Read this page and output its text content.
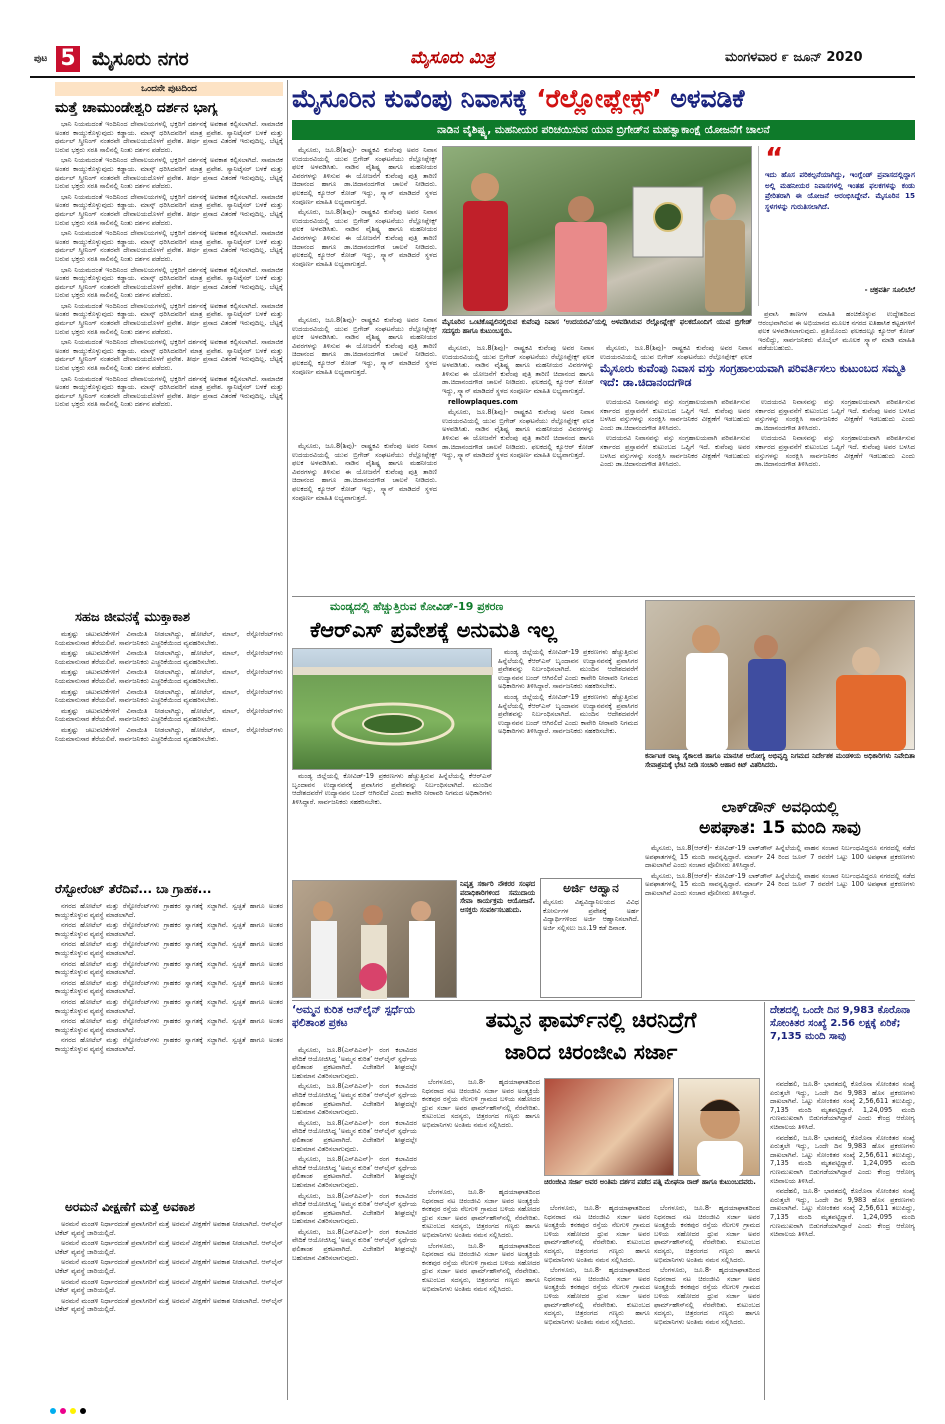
ಪುಟ 5 ಮೈಸೂರು ನಗರ	ಮೈಸೂರು ಮಿತ್ರ	ಮಂಗಳವಾರ ೯ ಜೂನ್ 2020
ಒಂದನೇ ಪುಟದಿಂದ
ಮತ್ತೆ ಚಾಮುಂಡೇಶ್ವರಿ ದರ್ಶನ ಭಾಗ್ಯ

ಭಾನಿ ನಿಯಮದಂತೆ ಇಂದಿನಿಂದ ದೇವಾಲಯಗಳಲ್ಲಿ ಭಕ್ತರಿಗೆ ದರ್ಶನಕ್ಕೆ ಅವಕಾಶ ಕಲ್ಪಿಸಲಾಗಿದೆ. ಸಾಮಾಜಿಕ ಅಂತರ ಕಾಯ್ದುಕೊಳ್ಳುವುದು ಕಡ್ಡಾಯ. ಮಾಸ್ಕ್ ಧರಿಸಿದವರಿಗೆ ಮಾತ್ರ ಪ್ರವೇಶ. ಸ್ಯಾನಿಟೈಸರ್ ಬಳಕೆ ಮತ್ತು ಥರ್ಮಲ್ ಸ್ಕ್ರೀನಿಂಗ್ ನಂತರವೇ ದೇವಾಲಯದೊಳಗೆ ಪ್ರವೇಶ. ತೀರ್ಥ ಪ್ರಸಾದ ವಿತರಣೆ ಇರುವುದಿಲ್ಲ. ಬೆಟ್ಟಕ್ಕೆ ಬರುವ ಭಕ್ತರು ಸರತಿ ಸಾಲಿನಲ್ಲಿ ನಿಂತು ದರ್ಶನ ಪಡೆದರು.

ಭಾನಿ ನಿಯಮದಂತೆ ಇಂದಿನಿಂದ ದೇವಾಲಯಗಳಲ್ಲಿ ಭಕ್ತರಿಗೆ ದರ್ಶನಕ್ಕೆ ಅವಕಾಶ ಕಲ್ಪಿಸಲಾಗಿದೆ. ಸಾಮಾಜಿಕ ಅಂತರ ಕಾಯ್ದುಕೊಳ್ಳುವುದು ಕಡ್ಡಾಯ. ಮಾಸ್ಕ್ ಧರಿಸಿದವರಿಗೆ ಮಾತ್ರ ಪ್ರವೇಶ. ಸ್ಯಾನಿಟೈಸರ್ ಬಳಕೆ ಮತ್ತು ಥರ್ಮಲ್ ಸ್ಕ್ರೀನಿಂಗ್ ನಂತರವೇ ದೇವಾಲಯದೊಳಗೆ ಪ್ರವೇಶ. ತೀರ್ಥ ಪ್ರಸಾದ ವಿತರಣೆ ಇರುವುದಿಲ್ಲ. ಬೆಟ್ಟಕ್ಕೆ ಬರುವ ಭಕ್ತರು ಸರತಿ ಸಾಲಿನಲ್ಲಿ ನಿಂತು ದರ್ಶನ ಪಡೆದರು.

ಭಾನಿ ನಿಯಮದಂತೆ ಇಂದಿನಿಂದ ದೇವಾಲಯಗಳಲ್ಲಿ ಭಕ್ತರಿಗೆ ದರ್ಶನಕ್ಕೆ ಅವಕಾಶ ಕಲ್ಪಿಸಲಾಗಿದೆ. ಸಾಮಾಜಿಕ ಅಂತರ ಕಾಯ್ದುಕೊಳ್ಳುವುದು ಕಡ್ಡಾಯ. ಮಾಸ್ಕ್ ಧರಿಸಿದವರಿಗೆ ಮಾತ್ರ ಪ್ರವೇಶ. ಸ್ಯಾನಿಟೈಸರ್ ಬಳಕೆ ಮತ್ತು ಥರ್ಮಲ್ ಸ್ಕ್ರೀನಿಂಗ್ ನಂತರವೇ ದೇವಾಲಯದೊಳಗೆ ಪ್ರವೇಶ. ತೀರ್ಥ ಪ್ರಸಾದ ವಿತರಣೆ ಇರುವುದಿಲ್ಲ. ಬೆಟ್ಟಕ್ಕೆ ಬರುವ ಭಕ್ತರು ಸರತಿ ಸಾಲಿನಲ್ಲಿ ನಿಂತು ದರ್ಶನ ಪಡೆದರು.

ಭಾನಿ ನಿಯಮದಂತೆ ಇಂದಿನಿಂದ ದೇವಾಲಯಗಳಲ್ಲಿ ಭಕ್ತರಿಗೆ ದರ್ಶನಕ್ಕೆ ಅವಕಾಶ ಕಲ್ಪಿಸಲಾಗಿದೆ. ಸಾಮಾಜಿಕ ಅಂತರ ಕಾಯ್ದುಕೊಳ್ಳುವುದು ಕಡ್ಡಾಯ. ಮಾಸ್ಕ್ ಧರಿಸಿದವರಿಗೆ ಮಾತ್ರ ಪ್ರವೇಶ. ಸ್ಯಾನಿಟೈಸರ್ ಬಳಕೆ ಮತ್ತು ಥರ್ಮಲ್ ಸ್ಕ್ರೀನಿಂಗ್ ನಂತರವೇ ದೇವಾಲಯದೊಳಗೆ ಪ್ರವೇಶ. ತೀರ್ಥ ಪ್ರಸಾದ ವಿತರಣೆ ಇರುವುದಿಲ್ಲ. ಬೆಟ್ಟಕ್ಕೆ ಬರುವ ಭಕ್ತರು ಸರತಿ ಸಾಲಿನಲ್ಲಿ ನಿಂತು ದರ್ಶನ ಪಡೆದರು.

ಭಾನಿ ನಿಯಮದಂತೆ ಇಂದಿನಿಂದ ದೇವಾಲಯಗಳಲ್ಲಿ ಭಕ್ತರಿಗೆ ದರ್ಶನಕ್ಕೆ ಅವಕಾಶ ಕಲ್ಪಿಸಲಾಗಿದೆ. ಸಾಮಾಜಿಕ ಅಂತರ ಕಾಯ್ದುಕೊಳ್ಳುವುದು ಕಡ್ಡಾಯ. ಮಾಸ್ಕ್ ಧರಿಸಿದವರಿಗೆ ಮಾತ್ರ ಪ್ರವೇಶ. ಸ್ಯಾನಿಟೈಸರ್ ಬಳಕೆ ಮತ್ತು ಥರ್ಮಲ್ ಸ್ಕ್ರೀನಿಂಗ್ ನಂತರವೇ ದೇವಾಲಯದೊಳಗೆ ಪ್ರವೇಶ. ತೀರ್ಥ ಪ್ರಸಾದ ವಿತರಣೆ ಇರುವುದಿಲ್ಲ. ಬೆಟ್ಟಕ್ಕೆ ಬರುವ ಭಕ್ತರು ಸರತಿ ಸಾಲಿನಲ್ಲಿ ನಿಂತು ದರ್ಶನ ಪಡೆದರು.

ಭಾನಿ ನಿಯಮದಂತೆ ಇಂದಿನಿಂದ ದೇವಾಲಯಗಳಲ್ಲಿ ಭಕ್ತರಿಗೆ ದರ್ಶನಕ್ಕೆ ಅವಕಾಶ ಕಲ್ಪಿಸಲಾಗಿದೆ. ಸಾಮಾಜಿಕ ಅಂತರ ಕಾಯ್ದುಕೊಳ್ಳುವುದು ಕಡ್ಡಾಯ. ಮಾಸ್ಕ್ ಧರಿಸಿದವರಿಗೆ ಮಾತ್ರ ಪ್ರವೇಶ. ಸ್ಯಾನಿಟೈಸರ್ ಬಳಕೆ ಮತ್ತು ಥರ್ಮಲ್ ಸ್ಕ್ರೀನಿಂಗ್ ನಂತರವೇ ದೇವಾಲಯದೊಳಗೆ ಪ್ರವೇಶ. ತೀರ್ಥ ಪ್ರಸಾದ ವಿತರಣೆ ಇರುವುದಿಲ್ಲ. ಬೆಟ್ಟಕ್ಕೆ ಬರುವ ಭಕ್ತರು ಸರತಿ ಸಾಲಿನಲ್ಲಿ ನಿಂತು ದರ್ಶನ ಪಡೆದರು.

ಭಾನಿ ನಿಯಮದಂತೆ ಇಂದಿನಿಂದ ದೇವಾಲಯಗಳಲ್ಲಿ ಭಕ್ತರಿಗೆ ದರ್ಶನಕ್ಕೆ ಅವಕಾಶ ಕಲ್ಪಿಸಲಾಗಿದೆ. ಸಾಮಾಜಿಕ ಅಂತರ ಕಾಯ್ದುಕೊಳ್ಳುವುದು ಕಡ್ಡಾಯ. ಮಾಸ್ಕ್ ಧರಿಸಿದವರಿಗೆ ಮಾತ್ರ ಪ್ರವೇಶ. ಸ್ಯಾನಿಟೈಸರ್ ಬಳಕೆ ಮತ್ತು ಥರ್ಮಲ್ ಸ್ಕ್ರೀನಿಂಗ್ ನಂತರವೇ ದೇವಾಲಯದೊಳಗೆ ಪ್ರವೇಶ. ತೀರ್ಥ ಪ್ರಸಾದ ವಿತರಣೆ ಇರುವುದಿಲ್ಲ. ಬೆಟ್ಟಕ್ಕೆ ಬರುವ ಭಕ್ತರು ಸರತಿ ಸಾಲಿನಲ್ಲಿ ನಿಂತು ದರ್ಶನ ಪಡೆದರು.

ಭಾನಿ ನಿಯಮದಂತೆ ಇಂದಿನಿಂದ ದೇವಾಲಯಗಳಲ್ಲಿ ಭಕ್ತರಿಗೆ ದರ್ಶನಕ್ಕೆ ಅವಕಾಶ ಕಲ್ಪಿಸಲಾಗಿದೆ. ಸಾಮಾಜಿಕ ಅಂತರ ಕಾಯ್ದುಕೊಳ್ಳುವುದು ಕಡ್ಡಾಯ. ಮಾಸ್ಕ್ ಧರಿಸಿದವರಿಗೆ ಮಾತ್ರ ಪ್ರವೇಶ. ಸ್ಯಾನಿಟೈಸರ್ ಬಳಕೆ ಮತ್ತು ಥರ್ಮಲ್ ಸ್ಕ್ರೀನಿಂಗ್ ನಂತರವೇ ದೇವಾಲಯದೊಳಗೆ ಪ್ರವೇಶ. ತೀರ್ಥ ಪ್ರಸಾದ ವಿತರಣೆ ಇರುವುದಿಲ್ಲ. ಬೆಟ್ಟಕ್ಕೆ ಬರುವ ಭಕ್ತರು ಸರತಿ ಸಾಲಿನಲ್ಲಿ ನಿಂತು ದರ್ಶನ ಪಡೆದರು.

ಸಹಜ ಜೀವನಕ್ಕೆ ಮುಕ್ತಾಕಾಶ

ಮತ್ತಷ್ಟು ಚಟುವಟಿಕೆಗಳಿಗೆ ವಿನಾಯಿತಿ ನೀಡಲಾಗಿದ್ದು, ಹೋಟೆಲ್, ಮಾಲ್, ರೆಸ್ಟೋರೆಂಟ್‌ಗಳು ನಿಯಮಾನುಸಾರ ತೆರೆಯಲಿವೆ. ಸಾರ್ವಜನಿಕರು ಎಚ್ಚರಿಕೆಯಿಂದ ವ್ಯವಹರಿಸಬೇಕು.

ಮತ್ತಷ್ಟು ಚಟುವಟಿಕೆಗಳಿಗೆ ವಿನಾಯಿತಿ ನೀಡಲಾಗಿದ್ದು, ಹೋಟೆಲ್, ಮಾಲ್, ರೆಸ್ಟೋರೆಂಟ್‌ಗಳು ನಿಯಮಾನುಸಾರ ತೆರೆಯಲಿವೆ. ಸಾರ್ವಜನಿಕರು ಎಚ್ಚರಿಕೆಯಿಂದ ವ್ಯವಹರಿಸಬೇಕು.

ಮತ್ತಷ್ಟು ಚಟುವಟಿಕೆಗಳಿಗೆ ವಿನಾಯಿತಿ ನೀಡಲಾಗಿದ್ದು, ಹೋಟೆಲ್, ಮಾಲ್, ರೆಸ್ಟೋರೆಂಟ್‌ಗಳು ನಿಯಮಾನುಸಾರ ತೆರೆಯಲಿವೆ. ಸಾರ್ವಜನಿಕರು ಎಚ್ಚರಿಕೆಯಿಂದ ವ್ಯವಹರಿಸಬೇಕು.

ಮತ್ತಷ್ಟು ಚಟುವಟಿಕೆಗಳಿಗೆ ವಿನಾಯಿತಿ ನೀಡಲಾಗಿದ್ದು, ಹೋಟೆಲ್, ಮಾಲ್, ರೆಸ್ಟೋರೆಂಟ್‌ಗಳು ನಿಯಮಾನುಸಾರ ತೆರೆಯಲಿವೆ. ಸಾರ್ವಜನಿಕರು ಎಚ್ಚರಿಕೆಯಿಂದ ವ್ಯವಹರಿಸಬೇಕು.

ಮತ್ತಷ್ಟು ಚಟುವಟಿಕೆಗಳಿಗೆ ವಿನಾಯಿತಿ ನೀಡಲಾಗಿದ್ದು, ಹೋಟೆಲ್, ಮಾಲ್, ರೆಸ್ಟೋರೆಂಟ್‌ಗಳು ನಿಯಮಾನುಸಾರ ತೆರೆಯಲಿವೆ. ಸಾರ್ವಜನಿಕರು ಎಚ್ಚರಿಕೆಯಿಂದ ವ್ಯವಹರಿಸಬೇಕು.

ಮತ್ತಷ್ಟು ಚಟುವಟಿಕೆಗಳಿಗೆ ವಿನಾಯಿತಿ ನೀಡಲಾಗಿದ್ದು, ಹೋಟೆಲ್, ಮಾಲ್, ರೆಸ್ಟೋರೆಂಟ್‌ಗಳು ನಿಯಮಾನುಸಾರ ತೆರೆಯಲಿವೆ. ಸಾರ್ವಜನಿಕರು ಎಚ್ಚರಿಕೆಯಿಂದ ವ್ಯವಹರಿಸಬೇಕು.

ರೆಸ್ಟೋರೆಂಟ್ ತೆರೆದಿವೆ... ಬಾ ಗ್ರಾಹಕ...

ನಗರದ ಹೋಟೆಲ್ ಮತ್ತು ರೆಸ್ಟೋರೆಂಟ್‌ಗಳು ಗ್ರಾಹಕರ ಸ್ವಾಗತಕ್ಕೆ ಸಜ್ಜಾಗಿವೆ. ಸ್ವಚ್ಛತೆ ಹಾಗೂ ಅಂತರ ಕಾಯ್ದುಕೊಳ್ಳುವ ವ್ಯವಸ್ಥೆ ಮಾಡಲಾಗಿದೆ.

ನಗರದ ಹೋಟೆಲ್ ಮತ್ತು ರೆಸ್ಟೋರೆಂಟ್‌ಗಳು ಗ್ರಾಹಕರ ಸ್ವಾಗತಕ್ಕೆ ಸಜ್ಜಾಗಿವೆ. ಸ್ವಚ್ಛತೆ ಹಾಗೂ ಅಂತರ ಕಾಯ್ದುಕೊಳ್ಳುವ ವ್ಯವಸ್ಥೆ ಮಾಡಲಾಗಿದೆ.

ನಗರದ ಹೋಟೆಲ್ ಮತ್ತು ರೆಸ್ಟೋರೆಂಟ್‌ಗಳು ಗ್ರಾಹಕರ ಸ್ವಾಗತಕ್ಕೆ ಸಜ್ಜಾಗಿವೆ. ಸ್ವಚ್ಛತೆ ಹಾಗೂ ಅಂತರ ಕಾಯ್ದುಕೊಳ್ಳುವ ವ್ಯವಸ್ಥೆ ಮಾಡಲಾಗಿದೆ.

ನಗರದ ಹೋಟೆಲ್ ಮತ್ತು ರೆಸ್ಟೋರೆಂಟ್‌ಗಳು ಗ್ರಾಹಕರ ಸ್ವಾಗತಕ್ಕೆ ಸಜ್ಜಾಗಿವೆ. ಸ್ವಚ್ಛತೆ ಹಾಗೂ ಅಂತರ ಕಾಯ್ದುಕೊಳ್ಳುವ ವ್ಯವಸ್ಥೆ ಮಾಡಲಾಗಿದೆ.

ನಗರದ ಹೋಟೆಲ್ ಮತ್ತು ರೆಸ್ಟೋರೆಂಟ್‌ಗಳು ಗ್ರಾಹಕರ ಸ್ವಾಗತಕ್ಕೆ ಸಜ್ಜಾಗಿವೆ. ಸ್ವಚ್ಛತೆ ಹಾಗೂ ಅಂತರ ಕಾಯ್ದುಕೊಳ್ಳುವ ವ್ಯವಸ್ಥೆ ಮಾಡಲಾಗಿದೆ.

ನಗರದ ಹೋಟೆಲ್ ಮತ್ತು ರೆಸ್ಟೋರೆಂಟ್‌ಗಳು ಗ್ರಾಹಕರ ಸ್ವಾಗತಕ್ಕೆ ಸಜ್ಜಾಗಿವೆ. ಸ್ವಚ್ಛತೆ ಹಾಗೂ ಅಂತರ ಕಾಯ್ದುಕೊಳ್ಳುವ ವ್ಯವಸ್ಥೆ ಮಾಡಲಾಗಿದೆ.

ನಗರದ ಹೋಟೆಲ್ ಮತ್ತು ರೆಸ್ಟೋರೆಂಟ್‌ಗಳು ಗ್ರಾಹಕರ ಸ್ವಾಗತಕ್ಕೆ ಸಜ್ಜಾಗಿವೆ. ಸ್ವಚ್ಛತೆ ಹಾಗೂ ಅಂತರ ಕಾಯ್ದುಕೊಳ್ಳುವ ವ್ಯವಸ್ಥೆ ಮಾಡಲಾಗಿದೆ.

ನಗರದ ಹೋಟೆಲ್ ಮತ್ತು ರೆಸ್ಟೋರೆಂಟ್‌ಗಳು ಗ್ರಾಹಕರ ಸ್ವಾಗತಕ್ಕೆ ಸಜ್ಜಾಗಿವೆ. ಸ್ವಚ್ಛತೆ ಹಾಗೂ ಅಂತರ ಕಾಯ್ದುಕೊಳ್ಳುವ ವ್ಯವಸ್ಥೆ ಮಾಡಲಾಗಿದೆ.

ಅರಮನೆ ವೀಕ್ಷಣೆಗೆ ಮತ್ತೆ ಅವಕಾಶ

ಅರಮನೆ ಮಂಡಳಿ ನಿರ್ಧಾರದಂತೆ ಪ್ರವಾಸಿಗರಿಗೆ ಮತ್ತೆ ಅರಮನೆ ವೀಕ್ಷಣೆಗೆ ಅವಕಾಶ ನೀಡಲಾಗಿದೆ. ಆನ್‌ಲೈನ್ ಟಿಕೆಟ್ ವ್ಯವಸ್ಥೆ ಜಾರಿಯಲ್ಲಿದೆ.

ಅರಮನೆ ಮಂಡಳಿ ನಿರ್ಧಾರದಂತೆ ಪ್ರವಾಸಿಗರಿಗೆ ಮತ್ತೆ ಅರಮನೆ ವೀಕ್ಷಣೆಗೆ ಅವಕಾಶ ನೀಡಲಾಗಿದೆ. ಆನ್‌ಲೈನ್ ಟಿಕೆಟ್ ವ್ಯವಸ್ಥೆ ಜಾರಿಯಲ್ಲಿದೆ.

ಅರಮನೆ ಮಂಡಳಿ ನಿರ್ಧಾರದಂತೆ ಪ್ರವಾಸಿಗರಿಗೆ ಮತ್ತೆ ಅರಮನೆ ವೀಕ್ಷಣೆಗೆ ಅವಕಾಶ ನೀಡಲಾಗಿದೆ. ಆನ್‌ಲೈನ್ ಟಿಕೆಟ್ ವ್ಯವಸ್ಥೆ ಜಾರಿಯಲ್ಲಿದೆ.

ಅರಮನೆ ಮಂಡಳಿ ನಿರ್ಧಾರದಂತೆ ಪ್ರವಾಸಿಗರಿಗೆ ಮತ್ತೆ ಅರಮನೆ ವೀಕ್ಷಣೆಗೆ ಅವಕಾಶ ನೀಡಲಾಗಿದೆ. ಆನ್‌ಲೈನ್ ಟಿಕೆಟ್ ವ್ಯವಸ್ಥೆ ಜಾರಿಯಲ್ಲಿದೆ.

ಅರಮನೆ ಮಂಡಳಿ ನಿರ್ಧಾರದಂತೆ ಪ್ರವಾಸಿಗರಿಗೆ ಮತ್ತೆ ಅರಮನೆ ವೀಕ್ಷಣೆಗೆ ಅವಕಾಶ ನೀಡಲಾಗಿದೆ. ಆನ್‌ಲೈನ್ ಟಿಕೆಟ್ ವ್ಯವಸ್ಥೆ ಜಾರಿಯಲ್ಲಿದೆ.

ಮೈಸೂರಿನ ಕುವೆಂಪು ನಿವಾಸಕ್ಕೆ ‘ರೆಲ್ಲೋಪ್ಲೇಕ್ಸ್’ ಅಳವಡಿಕೆ
ನಾಡಿನ ವೈಶಿಷ್ಟ್ಯ, ಮಹನೀಯರ ಪರಿಚಯಿಸುವ ಯುವ ಬ್ರಿಗೇಡ್‌ನ ಮಹತ್ವಾಕಾಂಕ್ಷೆ ಯೋಜನೆಗೆ ಚಾಲನೆ

ಮೈಸೂರು, ಜೂ.8(ಶಿವು)- ರಾಷ್ಟ್ರಕವಿ ಕುವೆಂಪು ಅವರ ನಿವಾಸ ಉದಯರವಿಯಲ್ಲಿ ಯುವ ಬ್ರಿಗೇಡ್ ಸಂಘಟನೆಯು ರೆಲ್ಲೋಪ್ಲೇಕ್ಸ್ ಫಲಕ ಅಳವಡಿಸಿತು. ನಾಡಿನ ವೈಶಿಷ್ಟ್ಯ ಹಾಗೂ ಮಹನೀಯರ ವಿವರಗಳನ್ನು ತಿಳಿಸುವ ಈ ಯೋಜನೆಗೆ ಕುವೆಂಪು ಪುತ್ರಿ ತಾರಿಣಿ ಚಿದಾನಂದ ಹಾಗೂ ಡಾ.ಚಿದಾನಂದಗೌಡ ಚಾಲನೆ ನೀಡಿದರು. ಫಲಕದಲ್ಲಿ ಕ್ಯೂಆರ್ ಕೋಡ್ ಇದ್ದು, ಸ್ಕ್ಯಾನ್ ಮಾಡಿದರೆ ಸ್ಥಳದ ಸಂಪೂರ್ಣ ಮಾಹಿತಿ ಲಭ್ಯವಾಗುತ್ತದೆ.

ಮೈಸೂರು, ಜೂ.8(ಶಿವು)- ರಾಷ್ಟ್ರಕವಿ ಕುವೆಂಪು ಅವರ ನಿವಾಸ ಉದಯರವಿಯಲ್ಲಿ ಯುವ ಬ್ರಿಗೇಡ್ ಸಂಘಟನೆಯು ರೆಲ್ಲೋಪ್ಲೇಕ್ಸ್ ಫಲಕ ಅಳವಡಿಸಿತು. ನಾಡಿನ ವೈಶಿಷ್ಟ್ಯ ಹಾಗೂ ಮಹನೀಯರ ವಿವರಗಳನ್ನು ತಿಳಿಸುವ ಈ ಯೋಜನೆಗೆ ಕುವೆಂಪು ಪುತ್ರಿ ತಾರಿಣಿ ಚಿದಾನಂದ ಹಾಗೂ ಡಾ.ಚಿದಾನಂದಗೌಡ ಚಾಲನೆ ನೀಡಿದರು. ಫಲಕದಲ್ಲಿ ಕ್ಯೂಆರ್ ಕೋಡ್ ಇದ್ದು, ಸ್ಕ್ಯಾನ್ ಮಾಡಿದರೆ ಸ್ಥಳದ ಸಂಪೂರ್ಣ ಮಾಹಿತಿ ಲಭ್ಯವಾಗುತ್ತದೆ.

“
ಇದು ಹೊಸ ಪರಿಕಲ್ಪನೆಯಾಗಿದ್ದು, ಇಂಗ್ಲೆಂಡ್ ಪ್ರವಾಸದಲ್ಲಿದ್ದಾಗ ಅಲ್ಲಿ ಮಹನೀಯರ ನಿವಾಸಗಳಲ್ಲಿ ಇಂತಹ ಫಲಕಗಳನ್ನು ಕಂಡು ಪ್ರೇರಿತರಾಗಿ ಈ ಯೋಜನೆ ಆರಂಭಿಸಿದ್ದೇವೆ. ಮೈಸೂರಿನ 15 ಸ್ಥಳಗಳನ್ನು ಗುರುತಿಸಲಾಗಿದೆ.
- ಚಕ್ರವರ್ತಿ ಸೂಲಿಬೆಲೆ
ಮೈಸೂರಿನ ಒಂಟಿಕೊಪ್ಪಲಿನಲ್ಲಿರುವ ಕುವೆಂಪು ನಿವಾಸ ‘ಉದಯರವಿ’ಯಲ್ಲಿ ಅಳವಡಿಸಿರುವ ರೆಲ್ಲೋಪ್ಲೇಕ್ಸ್ ಫಲಕದೊಂದಿಗೆ ಯುವ ಬ್ರಿಗೇಡ್ ಸದಸ್ಯರು ಹಾಗೂ ಕುಟುಂಬಸ್ಥರು.

ಮೈಸೂರು, ಜೂ.8(ಶಿವು)- ರಾಷ್ಟ್ರಕವಿ ಕುವೆಂಪು ಅವರ ನಿವಾಸ ಉದಯರವಿಯಲ್ಲಿ ಯುವ ಬ್ರಿಗೇಡ್ ಸಂಘಟನೆಯು ರೆಲ್ಲೋಪ್ಲೇಕ್ಸ್ ಫಲಕ ಅಳವಡಿಸಿತು. ನಾಡಿನ ವೈಶಿಷ್ಟ್ಯ ಹಾಗೂ ಮಹನೀಯರ ವಿವರಗಳನ್ನು ತಿಳಿಸುವ ಈ ಯೋಜನೆಗೆ ಕುವೆಂಪು ಪುತ್ರಿ ತಾರಿಣಿ ಚಿದಾನಂದ ಹಾಗೂ ಡಾ.ಚಿದಾನಂದಗೌಡ ಚಾಲನೆ ನೀಡಿದರು. ಫಲಕದಲ್ಲಿ ಕ್ಯೂಆರ್ ಕೋಡ್ ಇದ್ದು, ಸ್ಕ್ಯಾನ್ ಮಾಡಿದರೆ ಸ್ಥಳದ ಸಂಪೂರ್ಣ ಮಾಹಿತಿ ಲಭ್ಯವಾಗುತ್ತದೆ.

ಮೈಸೂರು, ಜೂ.8(ಶಿವು)- ರಾಷ್ಟ್ರಕವಿ ಕುವೆಂಪು ಅವರ ನಿವಾಸ ಉದಯರವಿಯಲ್ಲಿ ಯುವ ಬ್ರಿಗೇಡ್ ಸಂಘಟನೆಯು ರೆಲ್ಲೋಪ್ಲೇಕ್ಸ್ ಫಲಕ ಅಳವಡಿಸಿತು. ನಾಡಿನ ವೈಶಿಷ್ಟ್ಯ ಹಾಗೂ ಮಹನೀಯರ ವಿವರಗಳನ್ನು ತಿಳಿಸುವ ಈ ಯೋಜನೆಗೆ ಕುವೆಂಪು ಪುತ್ರಿ ತಾರಿಣಿ ಚಿದಾನಂದ ಹಾಗೂ ಡಾ.ಚಿದಾನಂದಗೌಡ ಚಾಲನೆ ನೀಡಿದರು. ಫಲಕದಲ್ಲಿ ಕ್ಯೂಆರ್ ಕೋಡ್ ಇದ್ದು, ಸ್ಕ್ಯಾನ್ ಮಾಡಿದರೆ ಸ್ಥಳದ ಸಂಪೂರ್ಣ ಮಾಹಿತಿ ಲಭ್ಯವಾಗುತ್ತದೆ.

rellowplaques.com

ಮೈಸೂರು, ಜೂ.8(ಶಿವು)- ರಾಷ್ಟ್ರಕವಿ ಕುವೆಂಪು ಅವರ ನಿವಾಸ ಉದಯರವಿಯಲ್ಲಿ ಯುವ ಬ್ರಿಗೇಡ್ ಸಂಘಟನೆಯು ರೆಲ್ಲೋಪ್ಲೇಕ್ಸ್ ಫಲಕ ಅಳವಡಿಸಿತು. ನಾಡಿನ ವೈಶಿಷ್ಟ್ಯ ಹಾಗೂ ಮಹನೀಯರ ವಿವರಗಳನ್ನು ತಿಳಿಸುವ ಈ ಯೋಜನೆಗೆ ಕುವೆಂಪು ಪುತ್ರಿ ತಾರಿಣಿ ಚಿದಾನಂದ ಹಾಗೂ ಡಾ.ಚಿದಾನಂದಗೌಡ ಚಾಲನೆ ನೀಡಿದರು. ಫಲಕದಲ್ಲಿ ಕ್ಯೂಆರ್ ಕೋಡ್ ಇದ್ದು, ಸ್ಕ್ಯಾನ್ ಮಾಡಿದರೆ ಸ್ಥಳದ ಸಂಪೂರ್ಣ ಮಾಹಿತಿ ಲಭ್ಯವಾಗುತ್ತದೆ.

ಮೈಸೂರು, ಜೂ.8(ಶಿವು)- ರಾಷ್ಟ್ರಕವಿ ಕುವೆಂಪು ಅವರ ನಿವಾಸ ಉದಯರವಿಯಲ್ಲಿ ಯುವ ಬ್ರಿಗೇಡ್ ಸಂಘಟನೆಯು ರೆಲ್ಲೋಪ್ಲೇಕ್ಸ್ ಫಲಕ

ಮೈಸೂರು ಕುವೆಂಪು ನಿವಾಸ ವಸ್ತು ಸಂಗ್ರಹಾಲಯವಾಗಿ ಪರಿವರ್ತಿಸಲು ಕುಟುಂಬದ ಸಮ್ಮತಿ ಇದೆ: ಡಾ.ಚಿದಾನಂದಗೌಡ

ಉದಯರವಿ ನಿವಾಸವನ್ನು ವಸ್ತು ಸಂಗ್ರಹಾಲಯವಾಗಿ ಪರಿವರ್ತಿಸುವ ಸರ್ಕಾರದ ಪ್ರಸ್ತಾವನೆಗೆ ಕುಟುಂಬದ ಒಪ್ಪಿಗೆ ಇದೆ. ಕುವೆಂಪು ಅವರ ಬಳಸಿದ ವಸ್ತುಗಳನ್ನು ಸಂರಕ್ಷಿಸಿ ಸಾರ್ವಜನಿಕರ ವೀಕ್ಷಣೆಗೆ ಇಡಬಹುದು ಎಂದು ಡಾ.ಚಿದಾನಂದಗೌಡ ತಿಳಿಸಿದರು.

ಉದಯರವಿ ನಿವಾಸವನ್ನು ವಸ್ತು ಸಂಗ್ರಹಾಲಯವಾಗಿ ಪರಿವರ್ತಿಸುವ ಸರ್ಕಾರದ ಪ್ರಸ್ತಾವನೆಗೆ ಕುಟುಂಬದ ಒಪ್ಪಿಗೆ ಇದೆ. ಕುವೆಂಪು ಅವರ ಬಳಸಿದ ವಸ್ತುಗಳನ್ನು ಸಂರಕ್ಷಿಸಿ ಸಾರ್ವಜನಿಕರ ವೀಕ್ಷಣೆಗೆ ಇಡಬಹುದು ಎಂದು ಡಾ.ಚಿದಾನಂದಗೌಡ ತಿಳಿಸಿದರು.

ಉದಯರವಿ ನಿವಾಸವನ್ನು ವಸ್ತು ಸಂಗ್ರಹಾಲಯವಾಗಿ ಪರಿವರ್ತಿಸುವ ಸರ್ಕಾರದ ಪ್ರಸ್ತಾವನೆಗೆ ಕುಟುಂಬದ ಒಪ್ಪಿಗೆ ಇದೆ. ಕುವೆಂಪು ಅವರ ಬಳಸಿದ ವಸ್ತುಗಳನ್ನು ಸಂರಕ್ಷಿಸಿ ಸಾರ್ವಜನಿಕರ ವೀಕ್ಷಣೆಗೆ ಇಡಬಹುದು ಎಂದು ಡಾ.ಚಿದಾನಂದಗೌಡ ತಿಳಿಸಿದರು.

ಉದಯರವಿ ನಿವಾಸವನ್ನು ವಸ್ತು ಸಂಗ್ರಹಾಲಯವಾಗಿ ಪರಿವರ್ತಿಸುವ ಸರ್ಕಾರದ ಪ್ರಸ್ತಾವನೆಗೆ ಕುಟುಂಬದ ಒಪ್ಪಿಗೆ ಇದೆ. ಕುವೆಂಪು ಅವರ ಬಳಸಿದ ವಸ್ತುಗಳನ್ನು ಸಂರಕ್ಷಿಸಿ ಸಾರ್ವಜನಿಕರ ವೀಕ್ಷಣೆಗೆ ಇಡಬಹುದು ಎಂದು ಡಾ.ಚಿದಾನಂದಗೌಡ ತಿಳಿಸಿದರು.

ಪ್ರವಾಸಿ ತಾಣಗಳ ಮಾಹಿತಿ ಹಂಚಿಕೊಳ್ಳುವ ಉದ್ದೇಶದಿಂದ ಆರಂಭವಾಗಿರುವ ಈ ಅಭಿಯಾನದ ಮೂಲಕ ನಗರದ ಐತಿಹಾಸಿಕ ಕಟ್ಟಡಗಳಿಗೆ ಫಲಕ ಅಳವಡಿಸಲಾಗುವುದು. ಪ್ರತಿಯೊಂದು ಫಲಕದಲ್ಲೂ ಕ್ಯೂಆರ್ ಕೋಡ್ ಇರಲಿದ್ದು, ಸಾರ್ವಜನಿಕರು ಮೊಬೈಲ್ ಮೂಲಕ ಸ್ಕ್ಯಾನ್ ಮಾಡಿ ಮಾಹಿತಿ ಪಡೆಯಬಹುದು.

ಮೈಸೂರು, ಜೂ.8(ಶಿವು)- ರಾಷ್ಟ್ರಕವಿ ಕುವೆಂಪು ಅವರ ನಿವಾಸ ಉದಯರವಿಯಲ್ಲಿ ಯುವ ಬ್ರಿಗೇಡ್ ಸಂಘಟನೆಯು ರೆಲ್ಲೋಪ್ಲೇಕ್ಸ್ ಫಲಕ ಅಳವಡಿಸಿತು. ನಾಡಿನ ವೈಶಿಷ್ಟ್ಯ ಹಾಗೂ ಮಹನೀಯರ ವಿವರಗಳನ್ನು ತಿಳಿಸುವ ಈ ಯೋಜನೆಗೆ ಕುವೆಂಪು ಪುತ್ರಿ ತಾರಿಣಿ ಚಿದಾನಂದ ಹಾಗೂ ಡಾ.ಚಿದಾನಂದಗೌಡ ಚಾಲನೆ ನೀಡಿದರು. ಫಲಕದಲ್ಲಿ ಕ್ಯೂಆರ್ ಕೋಡ್ ಇದ್ದು, ಸ್ಕ್ಯಾನ್ ಮಾಡಿದರೆ ಸ್ಥಳದ ಸಂಪೂರ್ಣ ಮಾಹಿತಿ ಲಭ್ಯವಾಗುತ್ತದೆ.

ಮಂಡ್ಯದಲ್ಲಿ ಹೆಚ್ಚುತ್ತಿರುವ ಕೋವಿಡ್-19 ಪ್ರಕರಣ
ಕೆಆರ್‌ಎಸ್ ಪ್ರವೇಶಕ್ಕೆ ಅನುಮತಿ ಇಲ್ಲ

ಮಂಡ್ಯ ಜಿಲ್ಲೆಯಲ್ಲಿ ಕೋವಿಡ್-19 ಪ್ರಕರಣಗಳು ಹೆಚ್ಚುತ್ತಿರುವ ಹಿನ್ನೆಲೆಯಲ್ಲಿ ಕೆಆರ್‌ಎಸ್ ಬೃಂದಾವನ ಉದ್ಯಾನವನಕ್ಕೆ ಪ್ರವಾಸಿಗರ ಪ್ರವೇಶವನ್ನು ನಿರ್ಬಂಧಿಸಲಾಗಿದೆ. ಮುಂದಿನ ಆದೇಶದವರೆಗೆ ಉದ್ಯಾನವನ ಬಂದ್ ಆಗಿರಲಿದೆ ಎಂದು ಕಾವೇರಿ ನೀರಾವರಿ ನಿಗಮದ ಅಧಿಕಾರಿಗಳು ತಿಳಿಸಿದ್ದಾರೆ. ಸಾರ್ವಜನಿಕರು ಸಹಕರಿಸಬೇಕು.

ಮಂಡ್ಯ ಜಿಲ್ಲೆಯಲ್ಲಿ ಕೋವಿಡ್-19 ಪ್ರಕರಣಗಳು ಹೆಚ್ಚುತ್ತಿರುವ ಹಿನ್ನೆಲೆಯಲ್ಲಿ ಕೆಆರ್‌ಎಸ್ ಬೃಂದಾವನ ಉದ್ಯಾನವನಕ್ಕೆ ಪ್ರವಾಸಿಗರ ಪ್ರವೇಶವನ್ನು ನಿರ್ಬಂಧಿಸಲಾಗಿದೆ. ಮುಂದಿನ ಆದೇಶದವರೆಗೆ ಉದ್ಯಾನವನ ಬಂದ್ ಆಗಿರಲಿದೆ ಎಂದು ಕಾವೇರಿ ನೀರಾವರಿ ನಿಗಮದ ಅಧಿಕಾರಿಗಳು ತಿಳಿಸಿದ್ದಾರೆ. ಸಾರ್ವಜನಿಕರು ಸಹಕರಿಸಬೇಕು.

ಮಂಡ್ಯ ಜಿಲ್ಲೆಯಲ್ಲಿ ಕೋವಿಡ್-19 ಪ್ರಕರಣಗಳು ಹೆಚ್ಚುತ್ತಿರುವ ಹಿನ್ನೆಲೆಯಲ್ಲಿ ಕೆಆರ್‌ಎಸ್ ಬೃಂದಾವನ ಉದ್ಯಾನವನಕ್ಕೆ ಪ್ರವಾಸಿಗರ ಪ್ರವೇಶವನ್ನು ನಿರ್ಬಂಧಿಸಲಾಗಿದೆ. ಮುಂದಿನ ಆದೇಶದವರೆಗೆ ಉದ್ಯಾನವನ ಬಂದ್ ಆಗಿರಲಿದೆ ಎಂದು ಕಾವೇರಿ ನೀರಾವರಿ ನಿಗಮದ ಅಧಿಕಾರಿಗಳು ತಿಳಿಸಿದ್ದಾರೆ. ಸಾರ್ವಜನಿಕರು ಸಹಕರಿಸಬೇಕು.

ಕರ್ನಾಟಕ ರಾಜ್ಯ ಸೈಕಾಲಜಿ ಹಾಗೂ ಮಾನಸಿಕ ಆರೋಗ್ಯ ಅಭಿವೃದ್ಧಿ ನಿಗಮದ ನಿರ್ದೇಶಕ ಮಂಡಳಿಯ ಅಧಿಕಾರಿಗಳು ನಿವೇದಿತಾ ಸೇವಾಶ್ರಮಕ್ಕೆ ಭೇಟಿ ನೀಡಿ ಸಂಚಾರಿ ಆಹಾರ ಕಿಟ್ ವಿತರಿಸಿದರು.
ಲಾಕ್‌ಡೌನ್ ಅವಧಿಯಲ್ಲಿ
ಅಪಘಾತ: 15 ಮಂದಿ ಸಾವು

ಮೈಸೂರು, ಜೂ.8(ಆರ್‌ಕೆ)- ಕೋವಿಡ್-19 ಲಾಕ್‌ಡೌನ್ ಹಿನ್ನೆಲೆಯಲ್ಲಿ ವಾಹನ ಸಂಚಾರ ನಿರ್ಬಂಧವಿದ್ದರೂ ನಗರದಲ್ಲಿ ನಡೆದ ಅಪಘಾತಗಳಲ್ಲಿ 15 ಮಂದಿ ಸಾವನ್ನಪ್ಪಿದ್ದಾರೆ. ಮಾರ್ಚ್ 24 ರಿಂದ ಜೂನ್ 7 ರವರೆಗೆ ಒಟ್ಟು 100 ಅಪಘಾತ ಪ್ರಕರಣಗಳು ದಾಖಲಾಗಿವೆ ಎಂದು ಸಂಚಾರ ಪೊಲೀಸರು ತಿಳಿಸಿದ್ದಾರೆ.

ಮೈಸೂರು, ಜೂ.8(ಆರ್‌ಕೆ)- ಕೋವಿಡ್-19 ಲಾಕ್‌ಡೌನ್ ಹಿನ್ನೆಲೆಯಲ್ಲಿ ವಾಹನ ಸಂಚಾರ ನಿರ್ಬಂಧವಿದ್ದರೂ ನಗರದಲ್ಲಿ ನಡೆದ ಅಪಘಾತಗಳಲ್ಲಿ 15 ಮಂದಿ ಸಾವನ್ನಪ್ಪಿದ್ದಾರೆ. ಮಾರ್ಚ್ 24 ರಿಂದ ಜೂನ್ 7 ರವರೆಗೆ ಒಟ್ಟು 100 ಅಪಘಾತ ಪ್ರಕರಣಗಳು ದಾಖಲಾಗಿವೆ ಎಂದು ಸಂಚಾರ ಪೊಲೀಸರು ತಿಳಿಸಿದ್ದಾರೆ.

ನಿವೃತ್ತ ಸರ್ಕಾರಿ ನೌಕರರ ಸಂಘದ ಪದಾಧಿಕಾರಿಗಳಿಂದ ಸಮುದಾಯ ಸೇವಾ ಕಾರ್ಯಕ್ರಮ ಆಯೋಜನೆ. ಆಸಕ್ತರು ಸಂಪರ್ಕಿಸಬಹುದು.
ಅರ್ಜಿ ಆಹ್ವಾನ
ಮೈಸೂರು ವಿಶ್ವವಿದ್ಯಾನಿಲಯದ ವಿವಿಧ ಕೋರ್ಸುಗಳ ಪ್ರವೇಶಕ್ಕೆ ಅರ್ಹ ವಿದ್ಯಾರ್ಥಿಗಳಿಂದ ಅರ್ಜಿ ಆಹ್ವಾನಿಸಲಾಗಿದೆ. ಅರ್ಜಿ ಸಲ್ಲಿಸಲು ಜೂ.19 ಕಡೆ ದಿನಾಂಕ.
‘ಅಮ್ಮನ ಕುರಿತ ಆನ್‌ಲೈನ್ ಸ್ಪರ್ಧೆಯ ಫಲಿತಾಂಶ ಪ್ರಕಟ

ಮೈಸೂರು, ಜೂ.8(ಎಸ್‌ಪಿಎನ್)- ರಂಗ ಕಲಾವಿದರ ವೇದಿಕೆ ಆಯೋಜಿಸಿದ್ದ ‘ಅಮ್ಮನ ಕುರಿತ’ ಆನ್‌ಲೈನ್ ಸ್ಪರ್ಧೆಯ ಫಲಿತಾಂಶ ಪ್ರಕಟವಾಗಿದೆ. ವಿಜೇತರಿಗೆ ಶೀಘ್ರದಲ್ಲೇ ಬಹುಮಾನ ವಿತರಿಸಲಾಗುವುದು.

ಮೈಸೂರು, ಜೂ.8(ಎಸ್‌ಪಿಎನ್)- ರಂಗ ಕಲಾವಿದರ ವೇದಿಕೆ ಆಯೋಜಿಸಿದ್ದ ‘ಅಮ್ಮನ ಕುರಿತ’ ಆನ್‌ಲೈನ್ ಸ್ಪರ್ಧೆಯ ಫಲಿತಾಂಶ ಪ್ರಕಟವಾಗಿದೆ. ವಿಜೇತರಿಗೆ ಶೀಘ್ರದಲ್ಲೇ ಬಹುಮಾನ ವಿತರಿಸಲಾಗುವುದು.

ಮೈಸೂರು, ಜೂ.8(ಎಸ್‌ಪಿಎನ್)- ರಂಗ ಕಲಾವಿದರ ವೇದಿಕೆ ಆಯೋಜಿಸಿದ್ದ ‘ಅಮ್ಮನ ಕುರಿತ’ ಆನ್‌ಲೈನ್ ಸ್ಪರ್ಧೆಯ ಫಲಿತಾಂಶ ಪ್ರಕಟವಾಗಿದೆ. ವಿಜೇತರಿಗೆ ಶೀಘ್ರದಲ್ಲೇ ಬಹುಮಾನ ವಿತರಿಸಲಾಗುವುದು.

ಮೈಸೂರು, ಜೂ.8(ಎಸ್‌ಪಿಎನ್)- ರಂಗ ಕಲಾವಿದರ ವೇದಿಕೆ ಆಯೋಜಿಸಿದ್ದ ‘ಅಮ್ಮನ ಕುರಿತ’ ಆನ್‌ಲೈನ್ ಸ್ಪರ್ಧೆಯ ಫಲಿತಾಂಶ ಪ್ರಕಟವಾಗಿದೆ. ವಿಜೇತರಿಗೆ ಶೀಘ್ರದಲ್ಲೇ ಬಹುಮಾನ ವಿತರಿಸಲಾಗುವುದು.

ಮೈಸೂರು, ಜೂ.8(ಎಸ್‌ಪಿಎನ್)- ರಂಗ ಕಲಾವಿದರ ವೇದಿಕೆ ಆಯೋಜಿಸಿದ್ದ ‘ಅಮ್ಮನ ಕುರಿತ’ ಆನ್‌ಲೈನ್ ಸ್ಪರ್ಧೆಯ ಫಲಿತಾಂಶ ಪ್ರಕಟವಾಗಿದೆ. ವಿಜೇತರಿಗೆ ಶೀಘ್ರದಲ್ಲೇ ಬಹುಮಾನ ವಿತರಿಸಲಾಗುವುದು.

ಮೈಸೂರು, ಜೂ.8(ಎಸ್‌ಪಿಎನ್)- ರಂಗ ಕಲಾವಿದರ ವೇದಿಕೆ ಆಯೋಜಿಸಿದ್ದ ‘ಅಮ್ಮನ ಕುರಿತ’ ಆನ್‌ಲೈನ್ ಸ್ಪರ್ಧೆಯ ಫಲಿತಾಂಶ ಪ್ರಕಟವಾಗಿದೆ. ವಿಜೇತರಿಗೆ ಶೀಘ್ರದಲ್ಲೇ ಬಹುಮಾನ ವಿತರಿಸಲಾಗುವುದು.

ತಮ್ಮನ ಫಾರ್ಮ್‌ನಲ್ಲಿ ಚಿರನಿದ್ರೆಗೆ
ಜಾರಿದ ಚಿರಂಜೀವಿ ಸರ್ಜಾ

ಬೆಂಗಳೂರು, ಜೂ.8- ಹೃದಯಾಘಾತದಿಂದ ನಿಧನರಾದ ನಟ ಚಿರಂಜೀವಿ ಸರ್ಜಾ ಅವರ ಅಂತ್ಯಕ್ರಿಯೆ ಕನಕಪುರ ರಸ್ತೆಯ ನೆಲಗುಳಿ ಗ್ರಾಮದ ಬಳಿಯ ಸಹೋದರ ಧ್ರುವ ಸರ್ಜಾ ಅವರ ಫಾರ್ಮ್‌ಹೌಸ್‌ನಲ್ಲಿ ನೆರವೇರಿತು. ಕುಟುಂಬದ ಸದಸ್ಯರು, ಚಿತ್ರರಂಗದ ಗಣ್ಯರು ಹಾಗೂ ಅಭಿಮಾನಿಗಳು ಅಂತಿಮ ನಮನ ಸಲ್ಲಿಸಿದರು.

ಚಿರಂಜೀವಿ ಸರ್ಜಾ ಅವರ ಅಂತಿಮ ದರ್ಶನ ಪಡೆದ ಪತ್ನಿ ಮೇಘನಾ ರಾಜ್ ಹಾಗೂ ಕುಟುಂಬದವರು.

ಬೆಂಗಳೂರು, ಜೂ.8- ಹೃದಯಾಘಾತದಿಂದ ನಿಧನರಾದ ನಟ ಚಿರಂಜೀವಿ ಸರ್ಜಾ ಅವರ ಅಂತ್ಯಕ್ರಿಯೆ ಕನಕಪುರ ರಸ್ತೆಯ ನೆಲಗುಳಿ ಗ್ರಾಮದ ಬಳಿಯ ಸಹೋದರ ಧ್ರುವ ಸರ್ಜಾ ಅವರ ಫಾರ್ಮ್‌ಹೌಸ್‌ನಲ್ಲಿ ನೆರವೇರಿತು. ಕುಟುಂಬದ ಸದಸ್ಯರು, ಚಿತ್ರರಂಗದ ಗಣ್ಯರು ಹಾಗೂ ಅಭಿಮಾನಿಗಳು ಅಂತಿಮ ನಮನ ಸಲ್ಲಿಸಿದರು.

ಬೆಂಗಳೂರು, ಜೂ.8- ಹೃದಯಾಘಾತದಿಂದ ನಿಧನರಾದ ನಟ ಚಿರಂಜೀವಿ ಸರ್ಜಾ ಅವರ ಅಂತ್ಯಕ್ರಿಯೆ ಕನಕಪುರ ರಸ್ತೆಯ ನೆಲಗುಳಿ ಗ್ರಾಮದ ಬಳಿಯ ಸಹೋದರ ಧ್ರುವ ಸರ್ಜಾ ಅವರ ಫಾರ್ಮ್‌ಹೌಸ್‌ನಲ್ಲಿ ನೆರವೇರಿತು. ಕುಟುಂಬದ ಸದಸ್ಯರು, ಚಿತ್ರರಂಗದ ಗಣ್ಯರು ಹಾಗೂ ಅಭಿಮಾನಿಗಳು ಅಂತಿಮ ನಮನ ಸಲ್ಲಿಸಿದರು.

ಬೆಂಗಳೂರು, ಜೂ.8- ಹೃದಯಾಘಾತದಿಂದ ನಿಧನರಾದ ನಟ ಚಿರಂಜೀವಿ ಸರ್ಜಾ ಅವರ ಅಂತ್ಯಕ್ರಿಯೆ ಕನಕಪುರ ರಸ್ತೆಯ ನೆಲಗುಳಿ ಗ್ರಾಮದ ಬಳಿಯ ಸಹೋದರ ಧ್ರುವ ಸರ್ಜಾ ಅವರ ಫಾರ್ಮ್‌ಹೌಸ್‌ನಲ್ಲಿ ನೆರವೇರಿತು. ಕುಟುಂಬದ ಸದಸ್ಯರು, ಚಿತ್ರರಂಗದ ಗಣ್ಯರು ಹಾಗೂ ಅಭಿಮಾನಿಗಳು ಅಂತಿಮ ನಮನ ಸಲ್ಲಿಸಿದರು.

ಬೆಂಗಳೂರು, ಜೂ.8- ಹೃದಯಾಘಾತದಿಂದ ನಿಧನರಾದ ನಟ ಚಿರಂಜೀವಿ ಸರ್ಜಾ ಅವರ ಅಂತ್ಯಕ್ರಿಯೆ ಕನಕಪುರ ರಸ್ತೆಯ ನೆಲಗುಳಿ ಗ್ರಾಮದ ಬಳಿಯ ಸಹೋದರ ಧ್ರುವ ಸರ್ಜಾ ಅವರ ಫಾರ್ಮ್‌ಹೌಸ್‌ನಲ್ಲಿ ನೆರವೇರಿತು. ಕುಟುಂಬದ ಸದಸ್ಯರು, ಚಿತ್ರರಂಗದ ಗಣ್ಯರು ಹಾಗೂ ಅಭಿಮಾನಿಗಳು ಅಂತಿಮ ನಮನ ಸಲ್ಲಿಸಿದರು.

ಬೆಂಗಳೂರು, ಜೂ.8- ಹೃದಯಾಘಾತದಿಂದ ನಿಧನರಾದ ನಟ ಚಿರಂಜೀವಿ ಸರ್ಜಾ ಅವರ ಅಂತ್ಯಕ್ರಿಯೆ ಕನಕಪುರ ರಸ್ತೆಯ ನೆಲಗುಳಿ ಗ್ರಾಮದ ಬಳಿಯ ಸಹೋದರ ಧ್ರುವ ಸರ್ಜಾ ಅವರ ಫಾರ್ಮ್‌ಹೌಸ್‌ನಲ್ಲಿ ನೆರವೇರಿತು. ಕುಟುಂಬದ ಸದಸ್ಯರು, ಚಿತ್ರರಂಗದ ಗಣ್ಯರು ಹಾಗೂ ಅಭಿಮಾನಿಗಳು ಅಂತಿಮ ನಮನ ಸಲ್ಲಿಸಿದರು.

ಬೆಂಗಳೂರು, ಜೂ.8- ಹೃದಯಾಘಾತದಿಂದ ನಿಧನರಾದ ನಟ ಚಿರಂಜೀವಿ ಸರ್ಜಾ ಅವರ ಅಂತ್ಯಕ್ರಿಯೆ ಕನಕಪುರ ರಸ್ತೆಯ ನೆಲಗುಳಿ ಗ್ರಾಮದ ಬಳಿಯ ಸಹೋದರ ಧ್ರುವ ಸರ್ಜಾ ಅವರ ಫಾರ್ಮ್‌ಹೌಸ್‌ನಲ್ಲಿ ನೆರವೇರಿತು. ಕುಟುಂಬದ ಸದಸ್ಯರು, ಚಿತ್ರರಂಗದ ಗಣ್ಯರು ಹಾಗೂ ಅಭಿಮಾನಿಗಳು ಅಂತಿಮ ನಮನ ಸಲ್ಲಿಸಿದರು.

ದೇಶದಲ್ಲಿ ಒಂದೇ ದಿನ 9,983 ಕೊರೊನಾ ಸೋಂಕಿತರ ಸಂಖ್ಯೆ 2.56 ಲಕ್ಷಕ್ಕೆ ಏರಿಕೆ; 7,135 ಮಂದಿ ಸಾವು

ನವದೆಹಲಿ, ಜೂ.8- ಭಾರತದಲ್ಲಿ ಕೊರೊನಾ ಸೋಂಕಿತರ ಸಂಖ್ಯೆ ಏರುತ್ತಲೇ ಇದ್ದು, ಒಂದೇ ದಿನ 9,983 ಹೊಸ ಪ್ರಕರಣಗಳು ದಾಖಲಾಗಿವೆ. ಒಟ್ಟು ಸೋಂಕಿತರ ಸಂಖ್ಯೆ 2,56,611 ತಲುಪಿದ್ದು, 7,135 ಮಂದಿ ಮೃತಪಟ್ಟಿದ್ದಾರೆ. 1,24,095 ಮಂದಿ ಗುಣಮುಖರಾಗಿ ಬಿಡುಗಡೆಯಾಗಿದ್ದಾರೆ ಎಂದು ಕೇಂದ್ರ ಆರೋಗ್ಯ ಸಚಿವಾಲಯ ತಿಳಿಸಿದೆ.

ನವದೆಹಲಿ, ಜೂ.8- ಭಾರತದಲ್ಲಿ ಕೊರೊನಾ ಸೋಂಕಿತರ ಸಂಖ್ಯೆ ಏರುತ್ತಲೇ ಇದ್ದು, ಒಂದೇ ದಿನ 9,983 ಹೊಸ ಪ್ರಕರಣಗಳು ದಾಖಲಾಗಿವೆ. ಒಟ್ಟು ಸೋಂಕಿತರ ಸಂಖ್ಯೆ 2,56,611 ತಲುಪಿದ್ದು, 7,135 ಮಂದಿ ಮೃತಪಟ್ಟಿದ್ದಾರೆ. 1,24,095 ಮಂದಿ ಗುಣಮುಖರಾಗಿ ಬಿಡುಗಡೆಯಾಗಿದ್ದಾರೆ ಎಂದು ಕೇಂದ್ರ ಆರೋಗ್ಯ ಸಚಿವಾಲಯ ತಿಳಿಸಿದೆ.

ನವದೆಹಲಿ, ಜೂ.8- ಭಾರತದಲ್ಲಿ ಕೊರೊನಾ ಸೋಂಕಿತರ ಸಂಖ್ಯೆ ಏರುತ್ತಲೇ ಇದ್ದು, ಒಂದೇ ದಿನ 9,983 ಹೊಸ ಪ್ರಕರಣಗಳು ದಾಖಲಾಗಿವೆ. ಒಟ್ಟು ಸೋಂಕಿತರ ಸಂಖ್ಯೆ 2,56,611 ತಲುಪಿದ್ದು, 7,135 ಮಂದಿ ಮೃತಪಟ್ಟಿದ್ದಾರೆ. 1,24,095 ಮಂದಿ ಗುಣಮುಖರಾಗಿ ಬಿಡುಗಡೆಯಾಗಿದ್ದಾರೆ ಎಂದು ಕೇಂದ್ರ ಆರೋಗ್ಯ ಸಚಿವಾಲಯ ತಿಳಿಸಿದೆ.
